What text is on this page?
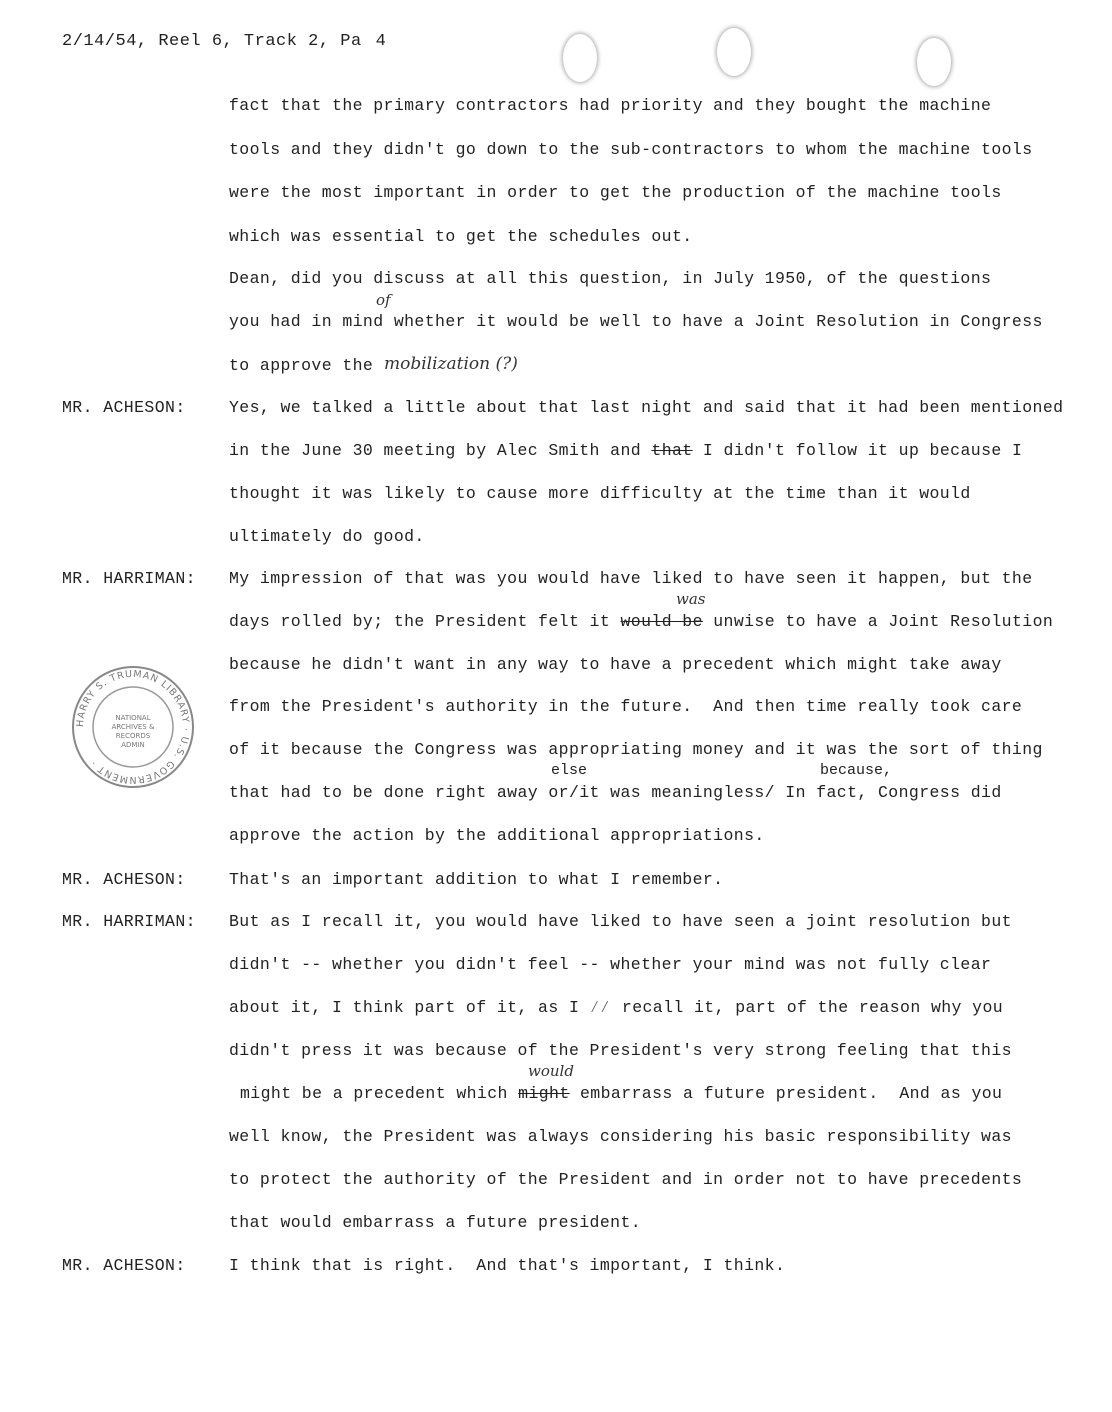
2/14/54, Reel 6, Track 2, Pa 4
fact that the primary contractors had priority and they bought the machine
tools and they didn't go down to the sub-contractors to whom the machine tools
were the most important in order to get the production of the machine tools
which was essential to get the schedules out.
Dean, did you discuss at all this question, in July 1950, of the questions
of
you had in mind whether it would be well to have a Joint Resolution in Congress
to approve the mobilization (?)
MR. ACHESON:	Yes, we talked a little about that last night and said that it had been mentioned
in the June 30 meeting by Alec Smith and that I didn't follow it up because I
thought it was likely to cause more difficulty at the time than it would
ultimately do good.
MR. HARRIMAN: My impression of that was you would have liked to have seen it happen, but the
was
days rolled by; the President felt it would be unwise to have a Joint Resolution
because he didn't want in any way to have a precedent which might take away
from the President's authority in the future.  And then time really took care
of it because the Congress was appropriating money and it was the sort of thing
else	because,
that had to be done right away or/it was meaningless/ In fact, Congress did
approve the action by the additional appropriations.
MR. ACHESON:	That's an important addition to what I remember.
MR. HARRIMAN: But as I recall it, you would have liked to have seen a joint resolution but
didn't -- whether you didn't feel -- whether your mind was not fully clear
about it, I think part of it, as I ∕∕ recall it, part of the reason why you
didn't press it was because of the President's very strong feeling that this
would
might be a precedent which might embarrass a future president.  And as you
well know, the President was always considering his basic responsibility was
to protect the authority of the President and in order not to have precedents
that would embarrass a future president.
MR. ACHESON:	I think that is right.  And that's important, I think.
HARRY S. TRUMAN LIBRARY · U.S. GOVERNMENT ·
NATIONAL
ARCHIVES &
RECORDS
ADMIN
